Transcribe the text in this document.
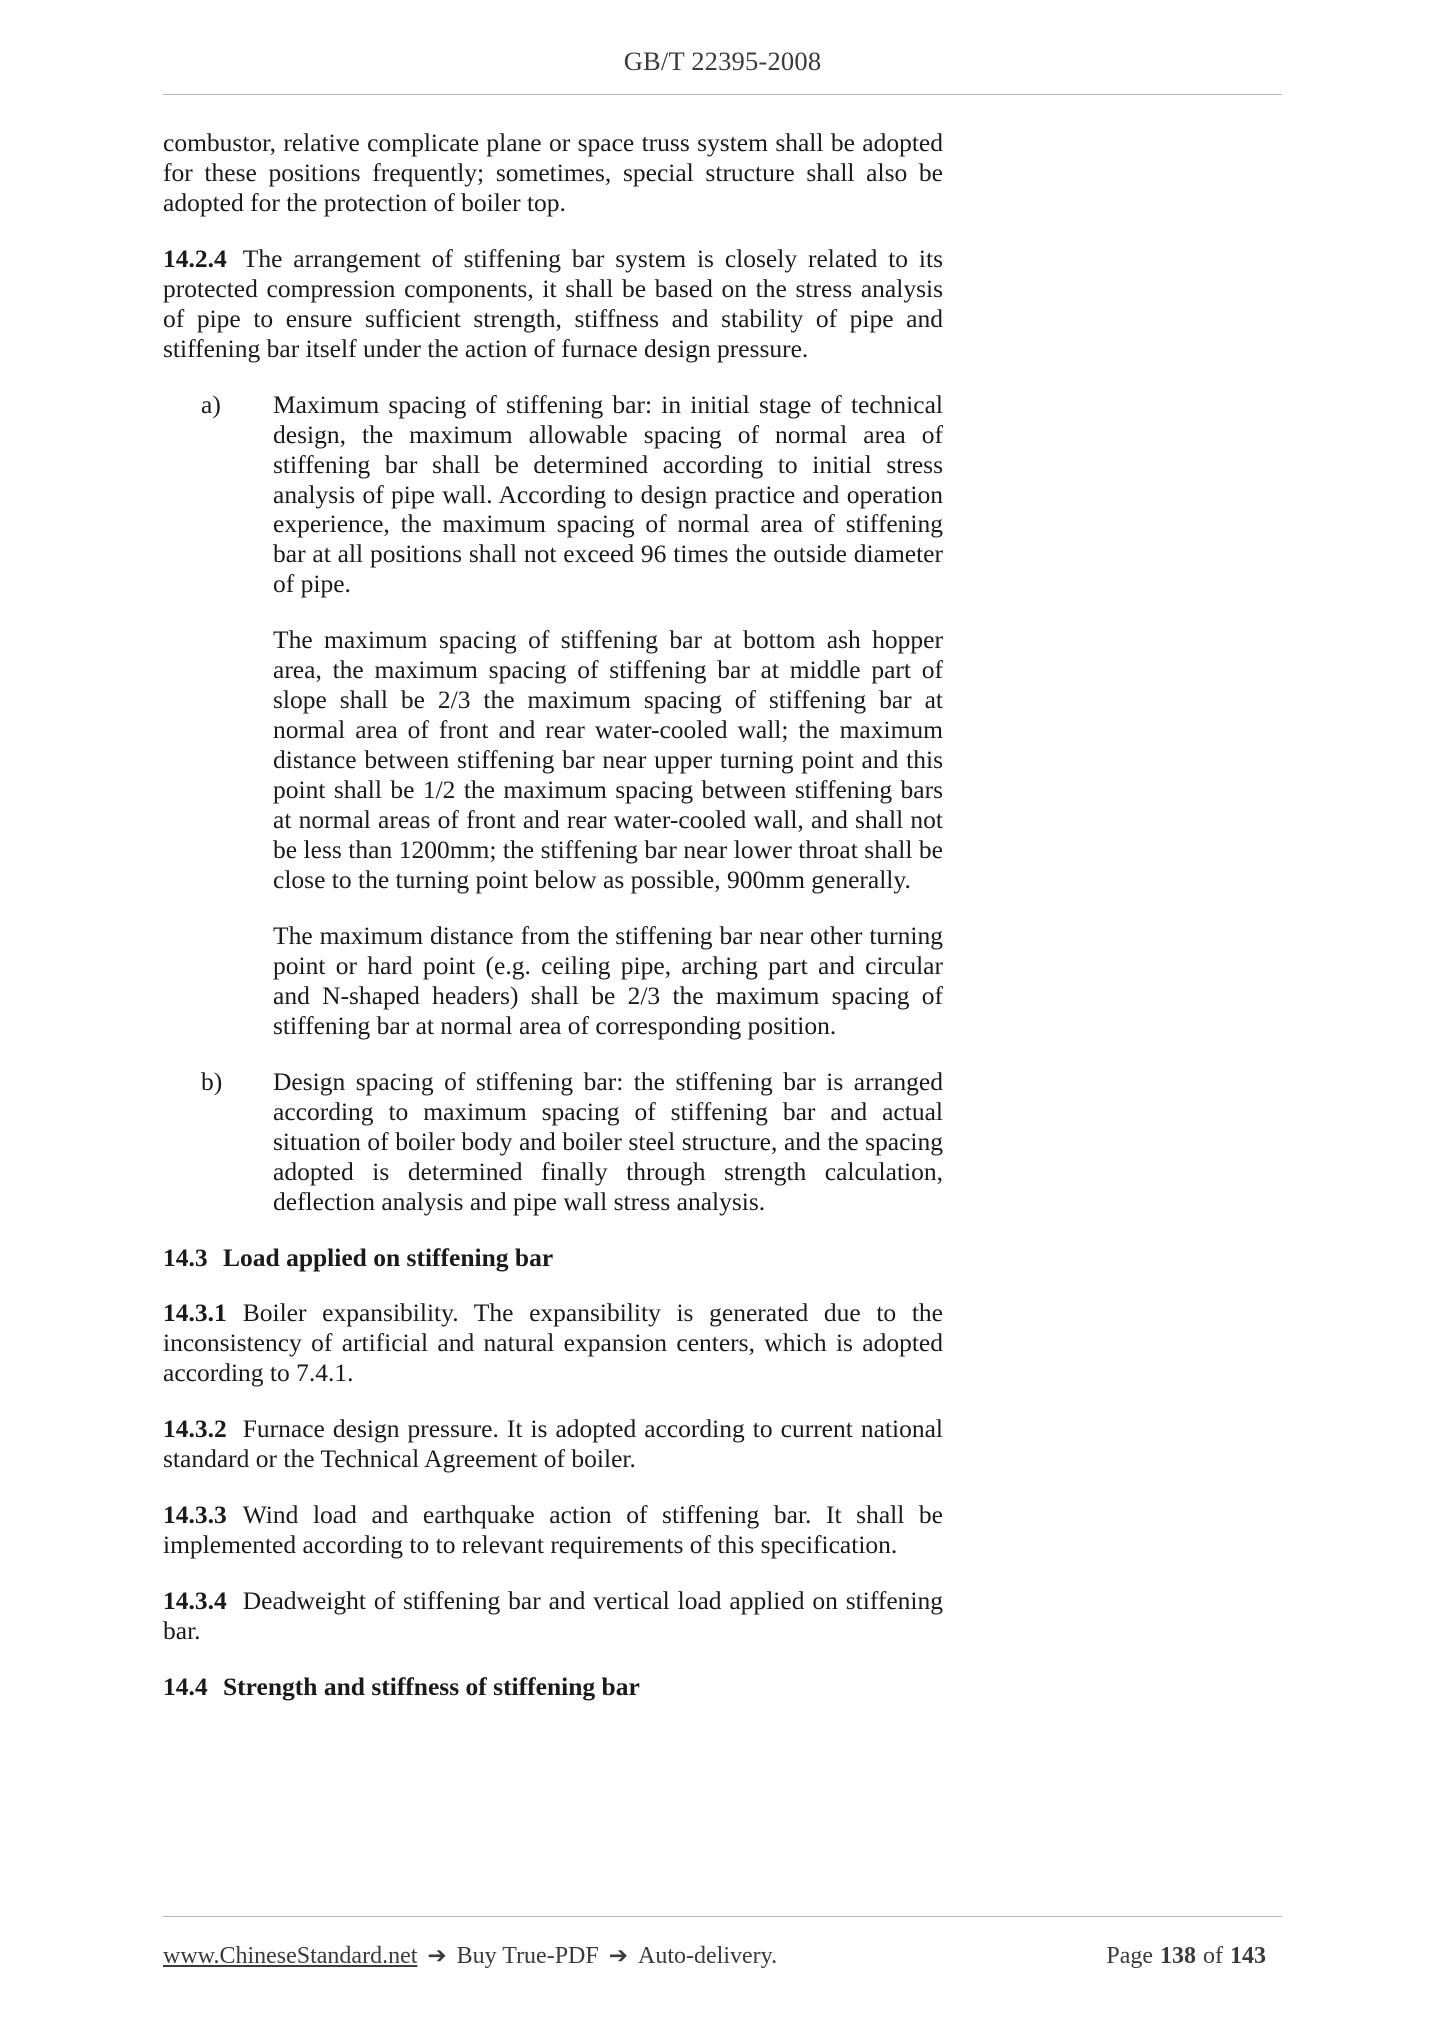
GB/T 22395-2008

combustor, relative complicate plane or space truss system shall be adopted for these positions frequently; sometimes, special structure shall also be adopted for the protection of boiler top.

14.2.4 The arrangement of stiffening bar system is closely related to its protected compression components, it shall be based on the stress analysis of pipe to ensure sufficient strength, stiffness and stability of pipe and stiffening bar itself under the action of furnace design pressure.

a)	Maximum spacing of stiffening bar: in initial stage of technical design, the maximum allowable spacing of normal area of stiffening bar shall be determined according to initial stress analysis of pipe wall. According to design practice and operation experience, the maximum spacing of normal area of stiffening bar at all positions shall not exceed 96 times the outside diameter of pipe.

The maximum spacing of stiffening bar at bottom ash hopper area, the maximum spacing of stiffening bar at middle part of slope shall be 2/3 the maximum spacing of stiffening bar at normal area of front and rear water-cooled wall; the maximum distance between stiffening bar near upper turning point and this point shall be 1/2 the maximum spacing between stiffening bars at normal areas of front and rear water-cooled wall, and shall not be less than 1200mm; the stiffening bar near lower throat shall be close to the turning point below as possible, 900mm generally.

The maximum distance from the stiffening bar near other turning point or hard point (e.g. ceiling pipe, arching part and circular and N-shaped headers) shall be 2/3 the maximum spacing of stiffening bar at normal area of corresponding position.

b)	Design spacing of stiffening bar: the stiffening bar is arranged according to maximum spacing of stiffening bar and actual situation of boiler body and boiler steel structure, and the spacing adopted is determined finally through strength calculation, deflection analysis and pipe wall stress analysis.

14.3 Load applied on stiffening bar

14.3.1 Boiler expansibility. The expansibility is generated due to the inconsistency of artificial and natural expansion centers, which is adopted according to 7.4.1.

14.3.2 Furnace design pressure. It is adopted according to current national standard or the Technical Agreement of boiler.

14.3.3 Wind load and earthquake action of stiffening bar. It shall be implemented according to to relevant requirements of this specification.

14.3.4 Deadweight of stiffening bar and vertical load applied on stiffening bar.

14.4 Strength and stiffness of stiffening bar
www.ChineseStandard.net ➔ Buy True-PDF ➔ Auto-delivery.	Page 138 of 143
